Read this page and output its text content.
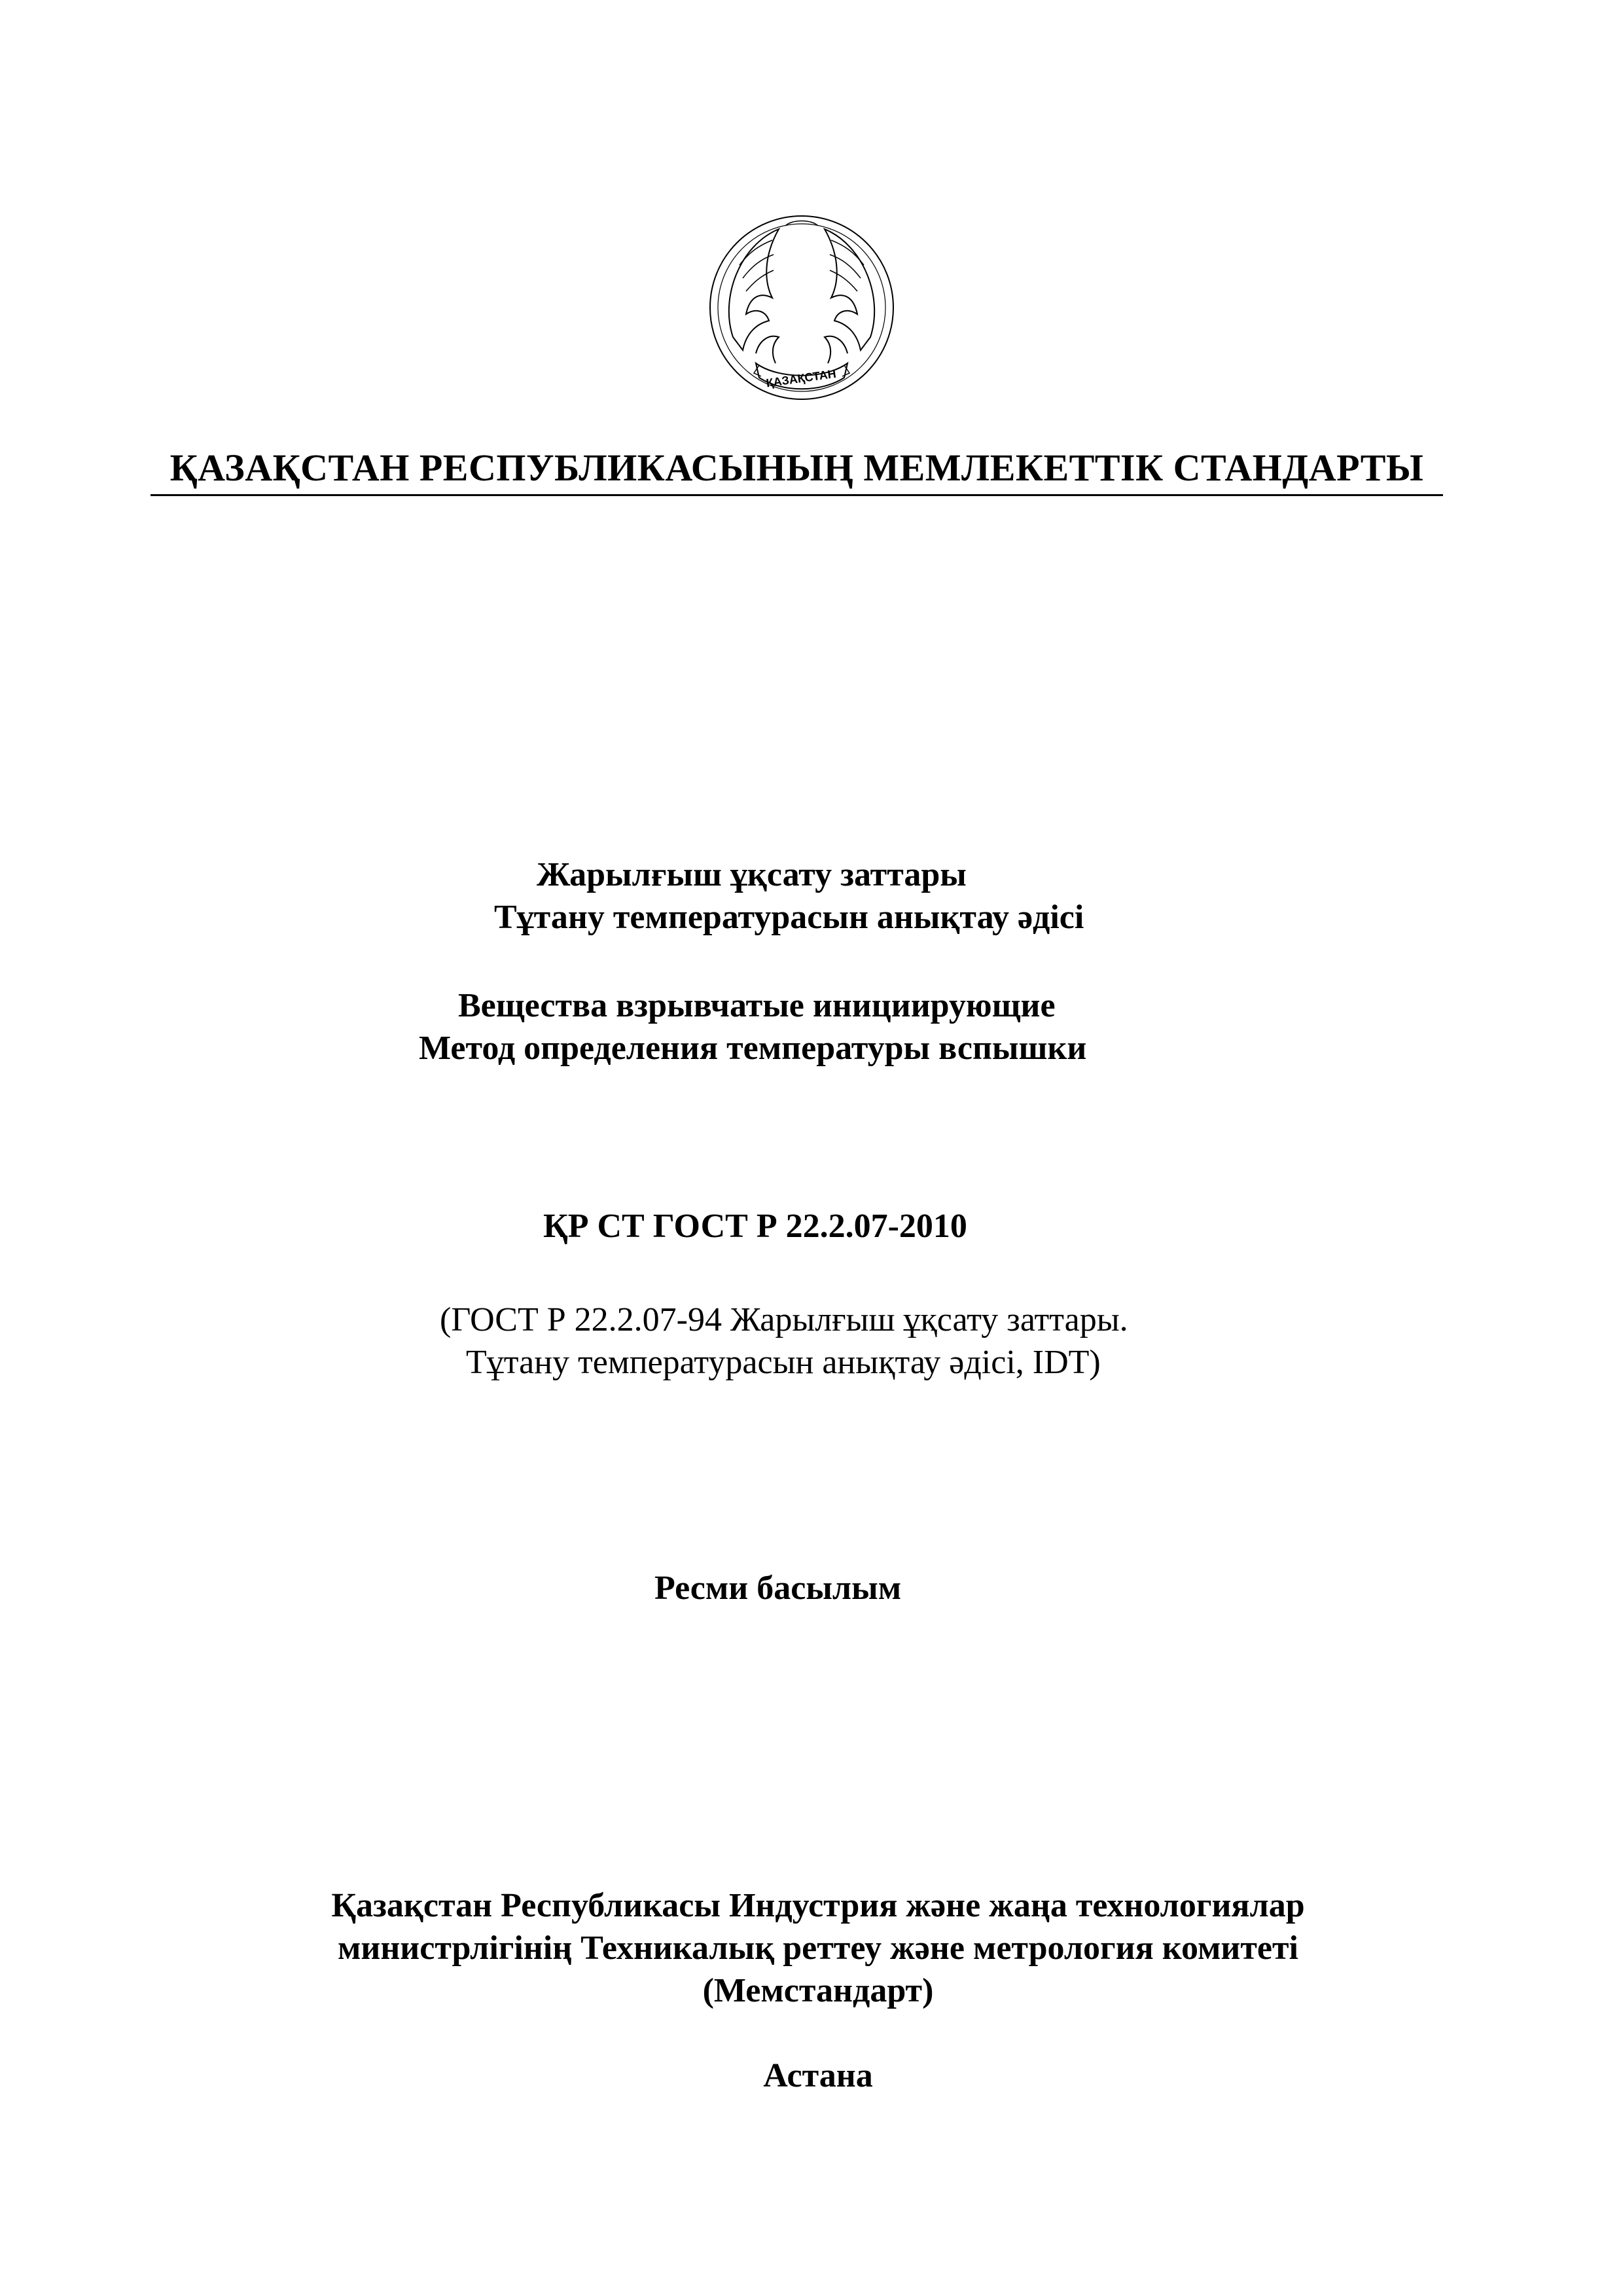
ҚАЗАҚСТАН
ҚАЗАҚСТАН РЕСПУБЛИКАСЫНЫҢ МЕМЛЕКЕТТІК СТАНДАРТЫ
Жарылғыш ұқсату заттары
Тұтану температурасын анықтау әдісі
Вещества взрывчатые инициирующие
Метод определения температуры вспышки
ҚР СТ ГОСТ Р 22.2.07-2010
(ГОСТ Р 22.2.07-94 Жарылғыш ұқсату заттары.
Тұтану температурасын анықтау әдісі, IDT)
Ресми басылым
Қазақстан Республикасы Индустрия және жаңа технологиялар
министрлігінің Техникалық реттеу және метрология комитеті
(Мемстандарт)
Астана
